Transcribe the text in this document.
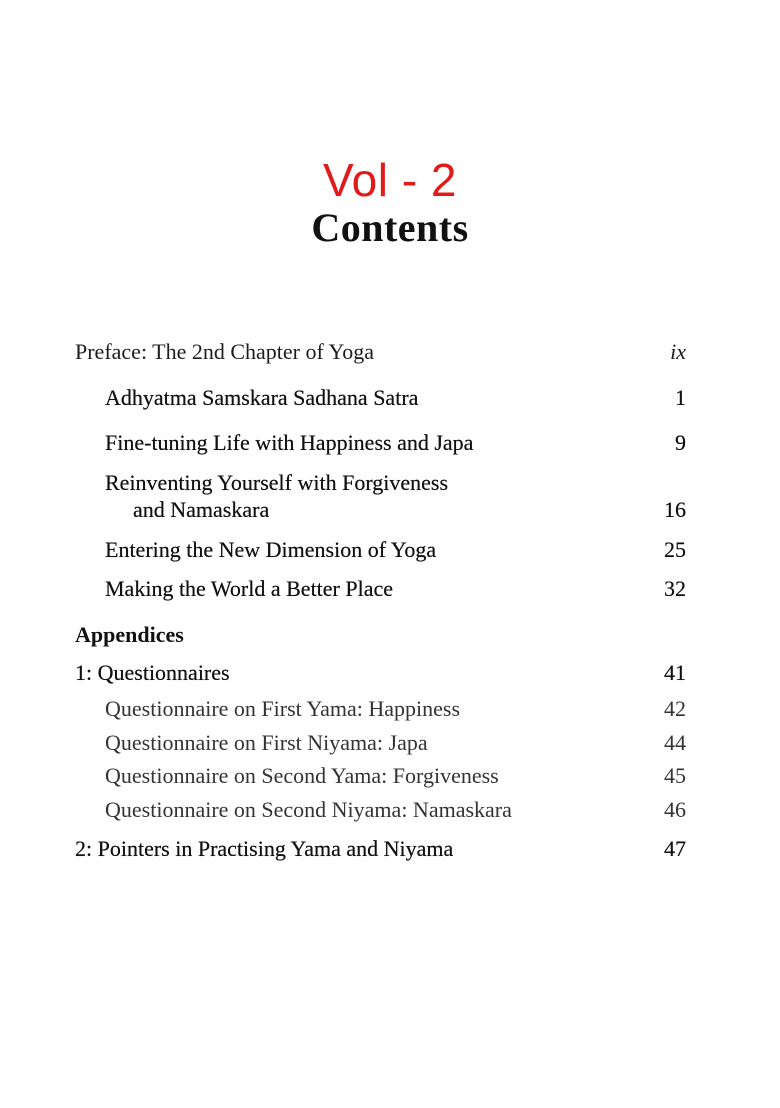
Vol - 2
Contents
Preface: The 2nd Chapter of Yoga	ix
Adhyatma Samskara Sadhana Satra	1
Fine-tuning Life with Happiness and Japa	9
Reinventing Yourself with Forgiveness
and Namaskara	16
Entering the New Dimension of Yoga	25
Making the World a Better Place	32
Appendices
1: Questionnaires	41
Questionnaire on First Yama: Happiness	42
Questionnaire on First Niyama: Japa	44
Questionnaire on Second Yama: Forgiveness	45
Questionnaire on Second Niyama: Namaskara	46
2: Pointers in Practising Yama and Niyama	47
